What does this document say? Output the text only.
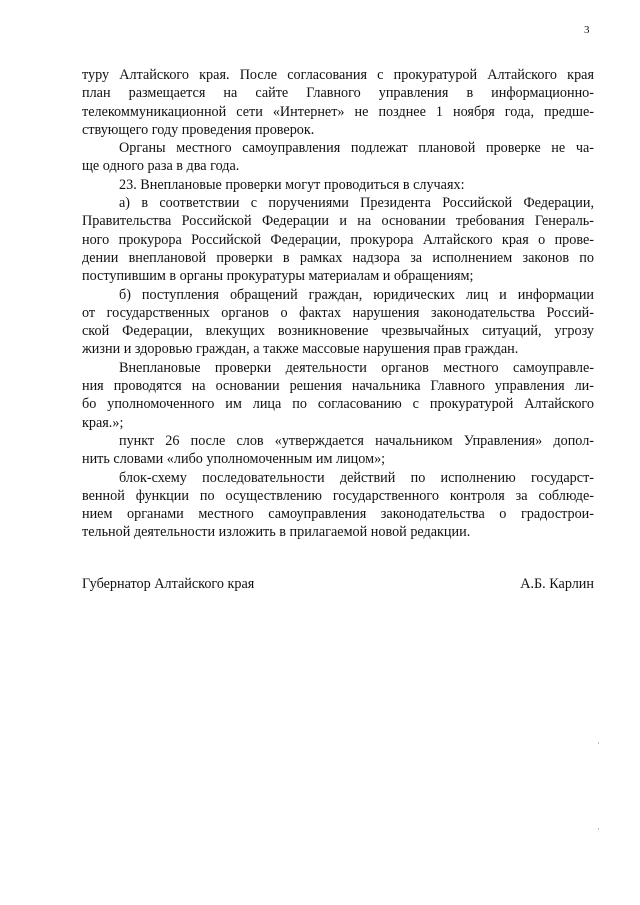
3

туру Алтайского края. После согласования с прокуратурой Алтайского края
план размещается на сайте Главного управления в информационно-
телекоммуникационной сети «Интернет» не позднее 1 ноября года, предше-
ствующего году проведения проверок.

Органы местного самоуправления подлежат плановой проверке не ча-
ще одного раза в два года.

23. Внеплановые проверки могут проводиться в случаях:

а) в соответствии с поручениями Президента Российской Федерации,
Правительства Российской Федерации и на основании требования Генераль-
ного прокурора Российской Федерации, прокурора Алтайского края о прове-
дении внеплановой проверки в рамках надзора за исполнением законов по
поступившим в органы прокуратуры материалам и обращениям;

б) поступления обращений граждан, юридических лиц и информации
от государственных органов о фактах нарушения законодательства Россий-
ской Федерации, влекущих возникновение чрезвычайных ситуаций, угрозу
жизни и здоровью граждан, а также массовые нарушения прав граждан.

Внеплановые проверки деятельности органов местного самоуправле-
ния проводятся на основании решения начальника Главного управления ли-
бо уполномоченного им лица по согласованию с прокуратурой Алтайского
края.»;

пункт 26 после слов «утверждается начальником Управления» допол-
нить словами «либо уполномоченным им лицом»;

блок-схему последовательности действий по исполнению государст-
венной функции по осуществлению государственного контроля за соблюде-
нием органами местного самоуправления законодательства о градострои-
тельной деятельности изложить в прилагаемой новой редакции.

Губернатор Алтайского края	А.Б. Карлин
